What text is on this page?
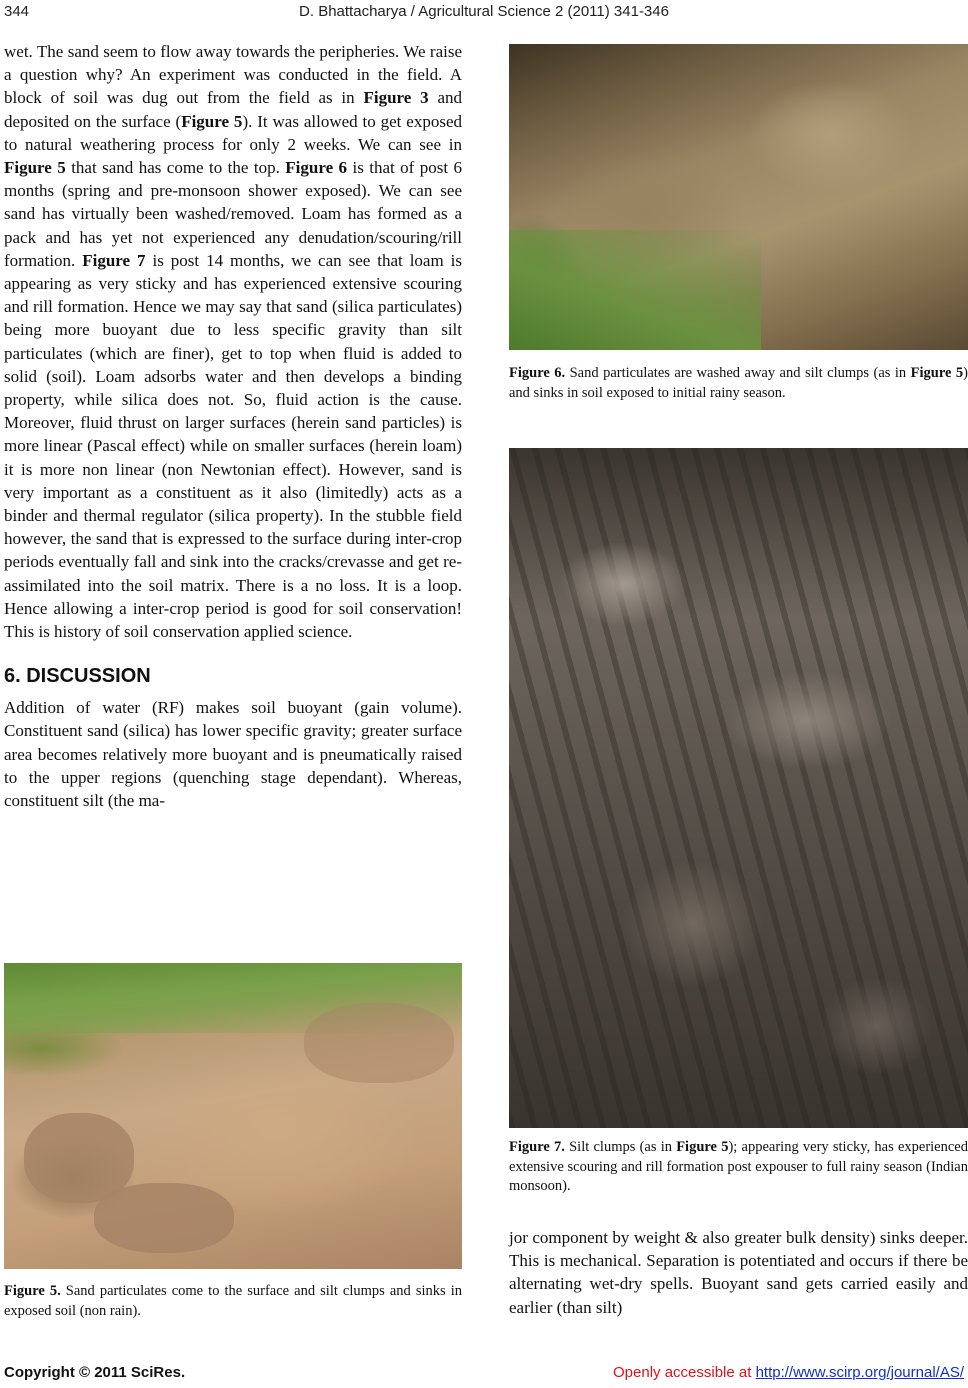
344	D. Bhattacharya / Agricultural Science 2 (2011) 341-346

wet. The sand seem to flow away towards the peripheries. We raise a question why? An experiment was conducted in the field. A block of soil was dug out from the field as in Figure 3 and deposited on the surface (Figure 5). It was allowed to get exposed to natural weathering process for only 2 weeks. We can see in Figure 5 that sand has come to the top. Figure 6 is that of post 6 months (spring and pre-monsoon shower exposed). We can see sand has virtually been washed/removed. Loam has formed as a pack and has yet not experienced any denudation/scouring/rill formation. Figure 7 is post 14 months, we can see that loam is appearing as very sticky and has experienced extensive scouring and rill formation. Hence we may say that sand (silica particulates) being more buoyant due to less specific gravity than silt particulates (which are finer), get to top when fluid is added to solid (soil). Loam adsorbs water and then develops a binding property, while silica does not. So, fluid action is the cause. Moreover, fluid thrust on larger surfaces (herein sand particles) is more linear (Pascal effect) while on smaller surfaces (herein loam) it is more non linear (non Newtonian effect). However, sand is very important as a constituent as it also (limitedly) acts as a binder and thermal regulator (silica property). In the stubble field however, the sand that is expressed to the surface during inter-crop periods eventually fall and sink into the cracks/crevasse and get re-assimilated into the soil matrix. There is a no loss. It is a loop. Hence allowing a inter-crop period is good for soil conservation! This is history of soil conservation applied science.

6. DISCUSSION

Addition of water (RF) makes soil buoyant (gain volume). Constituent sand (silica) has lower specific gravity; greater surface area becomes relatively more buoyant and is pneumatically raised to the upper regions (quenching stage dependant). Whereas, constituent silt (the ma-

Figure 5. Sand particulates come to the surface and silt clumps and sinks in exposed soil (non rain).
Figure 6. Sand particulates are washed away and silt clumps (as in Figure 5) and sinks in soil exposed to initial rainy season.
Figure 7. Silt clumps (as in Figure 5); appearing very sticky, has experienced extensive scouring and rill formation post expouser to full rainy season (Indian monsoon).

jor component by weight & also greater bulk density) sinks deeper. This is mechanical. Separation is potentiated and occurs if there be alternating wet-dry spells. Buoyant sand gets carried easily and earlier (than silt)

Copyright © 2011 SciRes.	Openly accessible at http://www.scirp.org/journal/AS/
